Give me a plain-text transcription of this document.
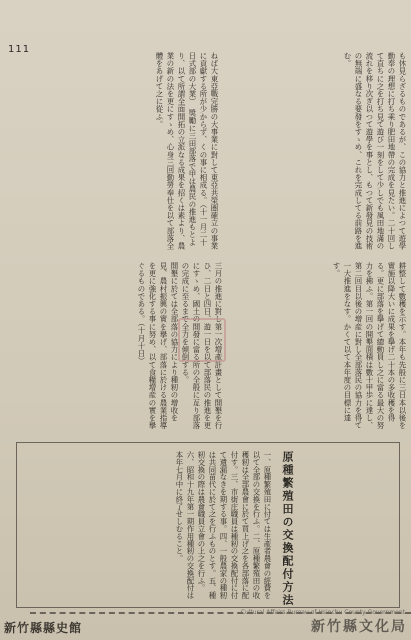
111

も休見らざるものであるが、この協力と推進によつて遊學勤奉の理想に打ち乘り肥田地帶の完成を見たい。二十回して直ちに之を打ち見て遊び一刻をして少しでも風田地滿の流れを移り次ぎ以つて遊學を事とし、もつて新發見の技術の無端に盛なる要發をすゝめ、これを完成してる前路を進む。

ねば大東亞戰完勝の大事業に對して東亞共榮圏確立の事業に貢獻する所が少からず、くの事に相成る。（十一月二十日式部の大業）　獎勵に三田部落で甲は農民の推進もとより、以て所謂全面開拓の立派なる成果を招くは素より、農業の新の法を更にすゝめ、心身三回勤勞奉仕を以て部落全體をあげて之に從ふ。

耕整して數穫を示す。本年も先般に三日本以後を實施以降大いに成果を擧げ二十本の多收穫を得る。更に部落を擧げて總動員し之に當る最大の努力を拂ふ。第一回の開墾面積は數十甲歩に達し、第二回目以後の增産に對し全部落民の協力を得て一大推進をなす。かくて以て本年度の目標に達す。

三月の推進に對し第一次增產計畫として開墾を行ひ、二日と四日、遊一日を以て部落民の推進を更にすゝめ、國土の開發に當る所の全般に亙り部落の完成に至るまで全力を傾倒する。

開墾に於ては全部落の協力により種籾の增收を見、農村振興の實を擧げ、部落に於ける農業指導を更に強化する事に努め、以て食糧增産の實を擧ぐるものである。（十月十日）

原種繁殖田の交換配付方法

一、原種繁殖田に付ては生產者農會の經費を以て全部の交換を行ふ。二、原種繁殖田の收穫籾は全部農會に於て買上げ之を各部落に配付す。三、市街庄職員は種籾の交換配付に付て遺漏なきを期する事。四、一般農家の種籾は共同苗代に於て之を行ふものとす。五、種籾交換の際は農會職員立會の上之を行ふ。六、昭和十九年第一期作用種籾の交換配付は本年七月中に終了せしむること。

新竹縣縣史館
Cultural Affairs Bureau of Hsinchu County Government
新竹縣文化局
